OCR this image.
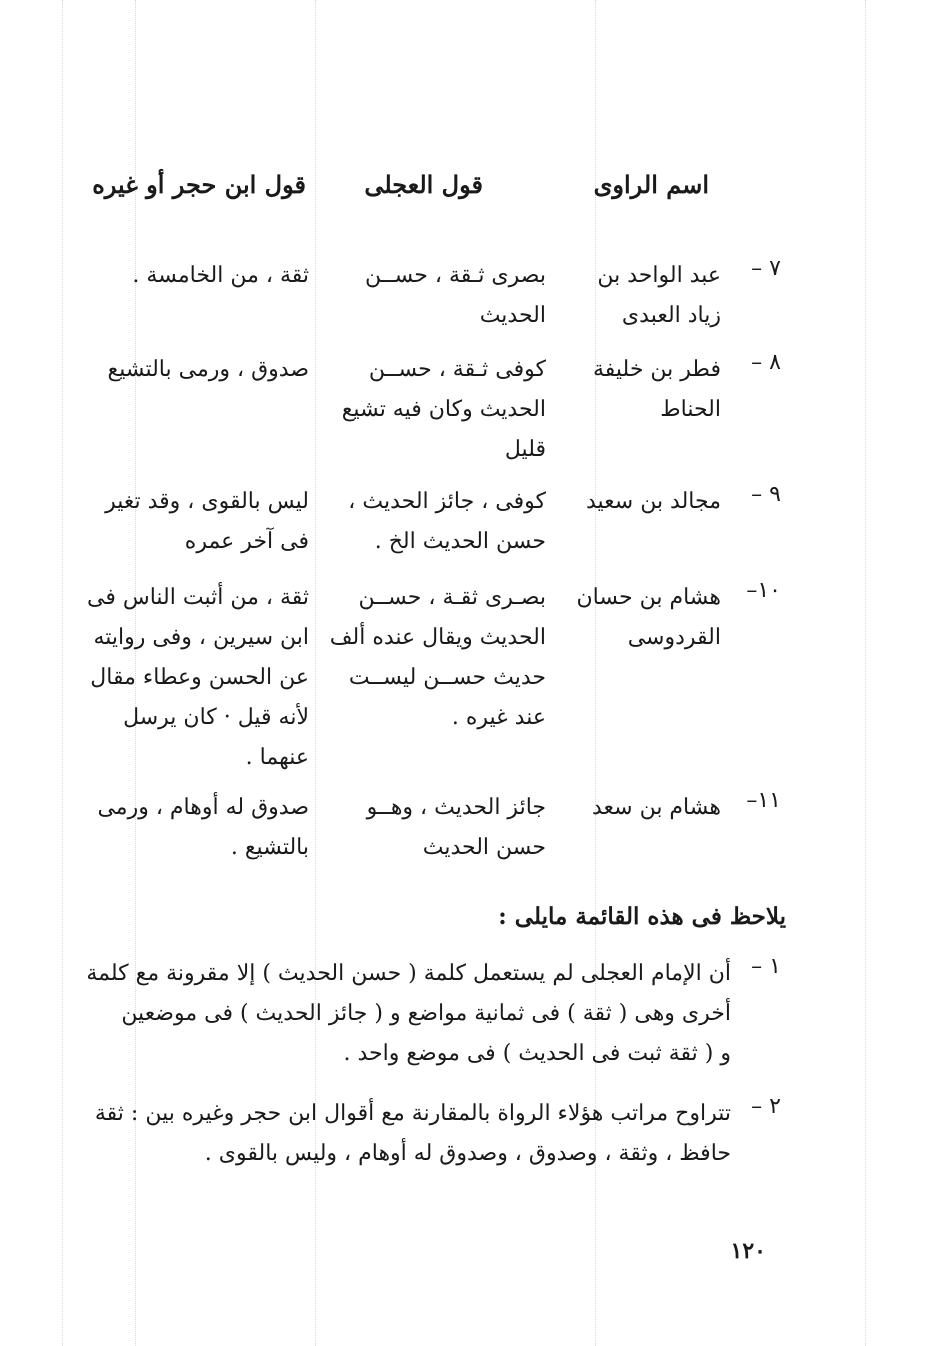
اسم الراوى
قول العجلى
قول ابن حجر أو غيره
٧ –
عبد الواحد بن
زياد العبدى
بصرى ثـقة ، حســن
الحديث
ثقة ، من الخامسة .
٨ –
فطر بن خليفة
الحناط
كوفى ثـقة ، حســن
الحديث وكان فيه تشيع
قليل
صدوق ، ورمى بالتشيع
٩ –
مجالد بن سعيد
كوفى ، جائز الحديث ،
حسن الحديث الخ .
ليس بالقوى ، وقد تغير
فى آخر عمره
١٠–
هشام بن حسان
القردوسى
بصـرى ثقـة ، حســن
الحديث ويقال عنده ألف
حديث حســن ليســت
عند غيره .
ثقة ، من أثبت الناس فى
ابن سيرين ، وفى روايته
عن الحسن وعطاء مقال
لأنه قيل · كان يرسل
عنهما .
١١–
هشام بن سعد
جائز الحديث ، وهــو
حسن الحديث
صدوق له أوهام ، ورمى
بالتشيع .
يلاحظ فى هذه القائمة مايلى :
١ –
أن الإمام العجلى لم يستعمل كلمة ( حسن الحديث ) إلا مقرونة مع كلمة
أخرى وهى ( ثقة ) فى ثمانية مواضع و ( جائز الحديث ) فى موضعين
و ( ثقة ثبت فى الحديث ) فى موضع واحد .
٢ –
تتراوح مراتب هؤلاء الرواة بالمقارنة مع أقوال ابن حجر وغيره بين : ثقة
حافظ ، وثقة ، وصدوق ، وصدوق له أوهام ، وليس بالقوى .
١٢٠
